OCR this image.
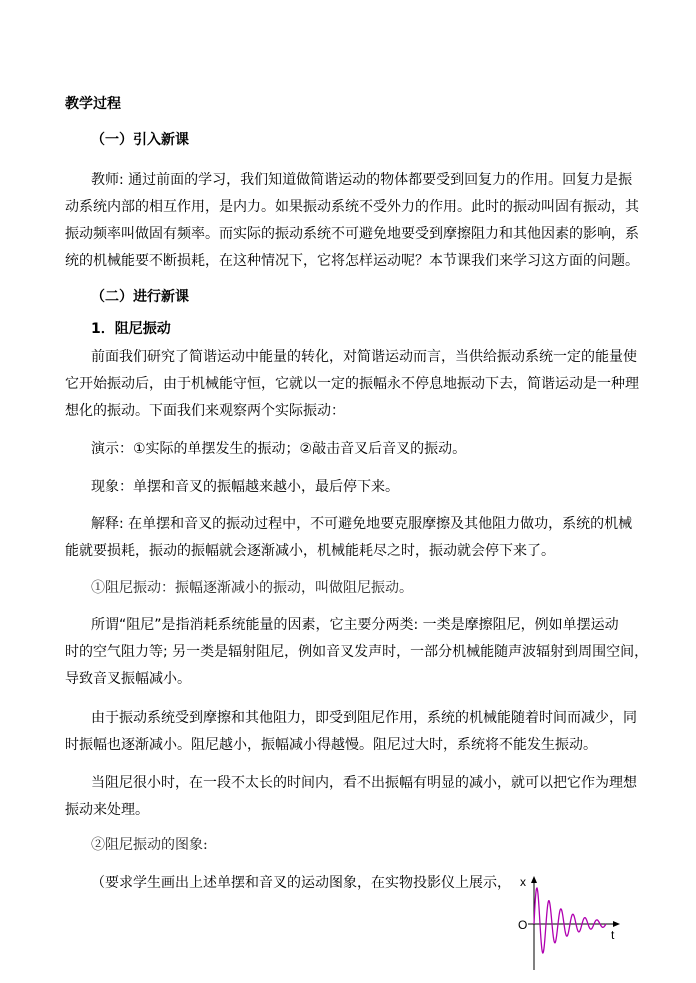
教学过程
（一）引入新课
教师: 通过前面的学习，我们知道做简谐运动的物体都要受到回复力的作用。回复力是振
动系统内部的相互作用，是内力。如果振动系统不受外力的作用。此时的振动叫固有振动，其
振动频率叫做固有频率。而实际的振动系统不可避免地要受到摩擦阻力和其他因素的影响，系
统的机械能要不断损耗，在这种情况下，它将怎样运动呢？本节课我们来学习这方面的问题。
（二）进行新课
1．阻尼振动
前面我们研究了简谐运动中能量的转化，对简谐运动而言，当供给振动系统一定的能量使
它开始振动后，由于机械能守恒，它就以一定的振幅永不停息地振动下去，简谐运动是一种理
想化的振动。下面我们来观察两个实际振动：
演示：①实际的单摆发生的振动；②敲击音叉后音叉的振动。
现象：单摆和音叉的振幅越来越小，最后停下来。
解释: 在单摆和音叉的振动过程中，不可避免地要克服摩擦及其他阻力做功，系统的机械
能就要损耗，振动的振幅就会逐渐减小，机械能耗尽之时，振动就会停下来了。
①阻尼振动：振幅逐渐减小的振动，叫做阻尼振动。
所谓“阻尼”是指消耗系统能量的因素，它主要分两类: 一类是摩擦阻尼，例如单摆运动
时的空气阻力等; 另一类是辐射阻尼，例如音叉发声时，一部分机械能随声波辐射到周围空间，
导致音叉振幅减小。
由于振动系统受到摩擦和其他阻力，即受到阻尼作用，系统的机械能随着时间而减少，同
时振幅也逐渐减小。阻尼越小，振幅减小得越慢。阻尼过大时，系统将不能发生振动。
当阻尼很小时，在一段不太长的时间内，看不出振幅有明显的减小，就可以把它作为理想
振动来处理。
②阻尼振动的图象:
（要求学生画出上述单摆和音叉的运动图象，在实物投影仪上展示， x
O
t
